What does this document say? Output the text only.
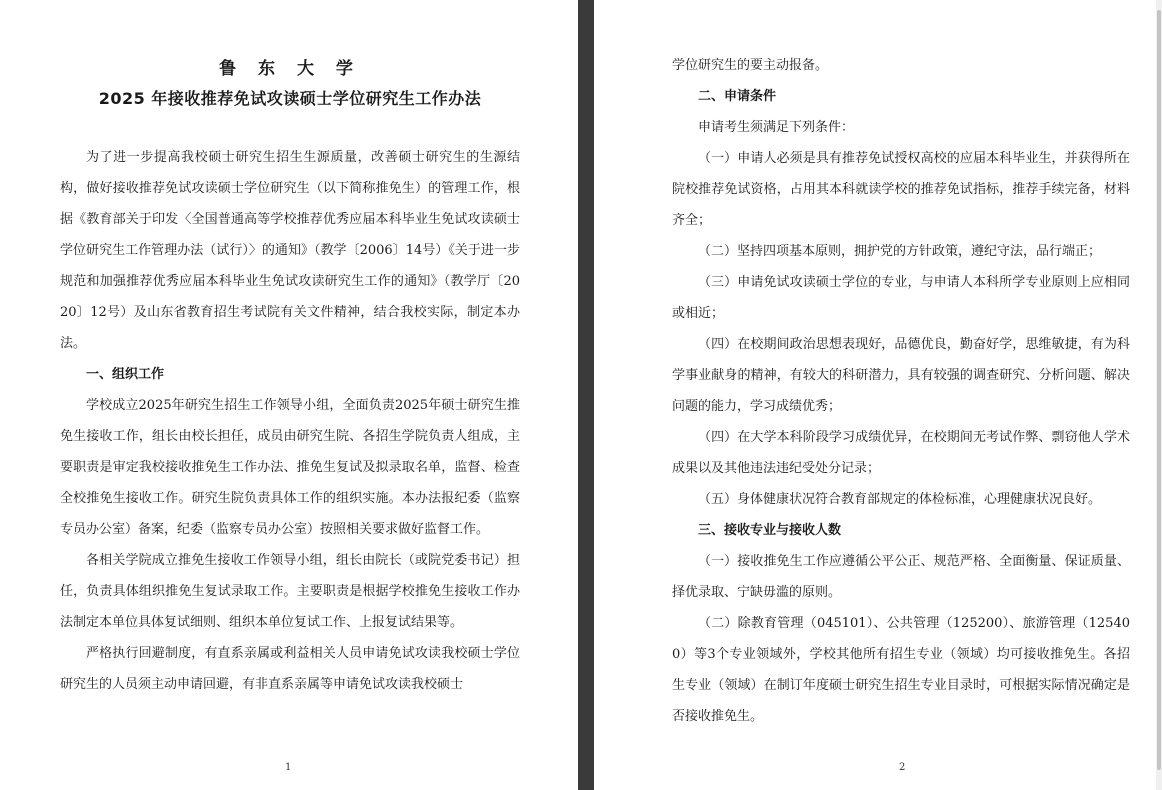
鲁 东 大 学
2025 年接收推荐免试攻读硕士学位研究生工作办法

为了进一步提高我校硕士研究生招生生源质量，改善硕士研究生的生源结构，做好接收推荐免试攻读硕士学位研究生（以下简称推免生）的管理工作，根据《教育部关于印发〈全国普通高等学校推荐优秀应届本科毕业生免试攻读硕士学位研究生工作管理办法（试行）〉的通知》（教学〔2006〕14号）《关于进一步规范和加强推荐优秀应届本科毕业生免试攻读研究生工作的通知》（教学厅〔2020〕12号）及山东省教育招生考试院有关文件精神，结合我校实际，制定本办法。

一、组织工作

学校成立2025年研究生招生工作领导小组，全面负责2025年硕士研究生推免生接收工作，组长由校长担任，成员由研究生院、各招生学院负责人组成，主要职责是审定我校接收推免生工作办法、推免生复试及拟录取名单，监督、检查全校推免生接收工作。研究生院负责具体工作的组织实施。本办法报纪委（监察专员办公室）备案，纪委（监察专员办公室）按照相关要求做好监督工作。

各相关学院成立推免生接收工作领导小组，组长由院长（或院党委书记）担任，负责具体组织推免生复试录取工作。主要职责是根据学校推免生接收工作办法制定本单位具体复试细则、组织本单位复试工作、上报复试结果等。

严格执行回避制度，有直系亲属或利益相关人员申请免试攻读我校硕士学位研究生的人员须主动申请回避，有非直系亲属等申请免试攻读我校硕士

1

学位研究生的要主动报备。

二、申请条件

申请考生须满足下列条件：

（一）申请人必须是具有推荐免试授权高校的应届本科毕业生，并获得所在院校推荐免试资格，占用其本科就读学校的推荐免试指标，推荐手续完备，材料齐全；

（二）坚持四项基本原则，拥护党的方针政策，遵纪守法，品行端正；

（三）申请免试攻读硕士学位的专业，与申请人本科所学专业原则上应相同或相近；

（四）在校期间政治思想表现好，品德优良，勤奋好学，思维敏捷，有为科学事业献身的精神，有较大的科研潜力，具有较强的调查研究、分析问题、解决问题的能力，学习成绩优秀；

（四）在大学本科阶段学习成绩优异，在校期间无考试作弊、剽窃他人学术成果以及其他违法违纪受处分记录；

（五）身体健康状况符合教育部规定的体检标准，心理健康状况良好。

三、接收专业与接收人数

（一）接收推免生工作应遵循公平公正、规范严格、全面衡量、保证质量、择优录取、宁缺毋滥的原则。

（二）除教育管理（045101）、公共管理（125200）、旅游管理（125400）等3个专业领域外，学校其他所有招生专业（领域）均可接收推免生。各招生专业（领域）在制订年度硕士研究生招生专业目录时，可根据实际情况确定是否接收推免生。

2
